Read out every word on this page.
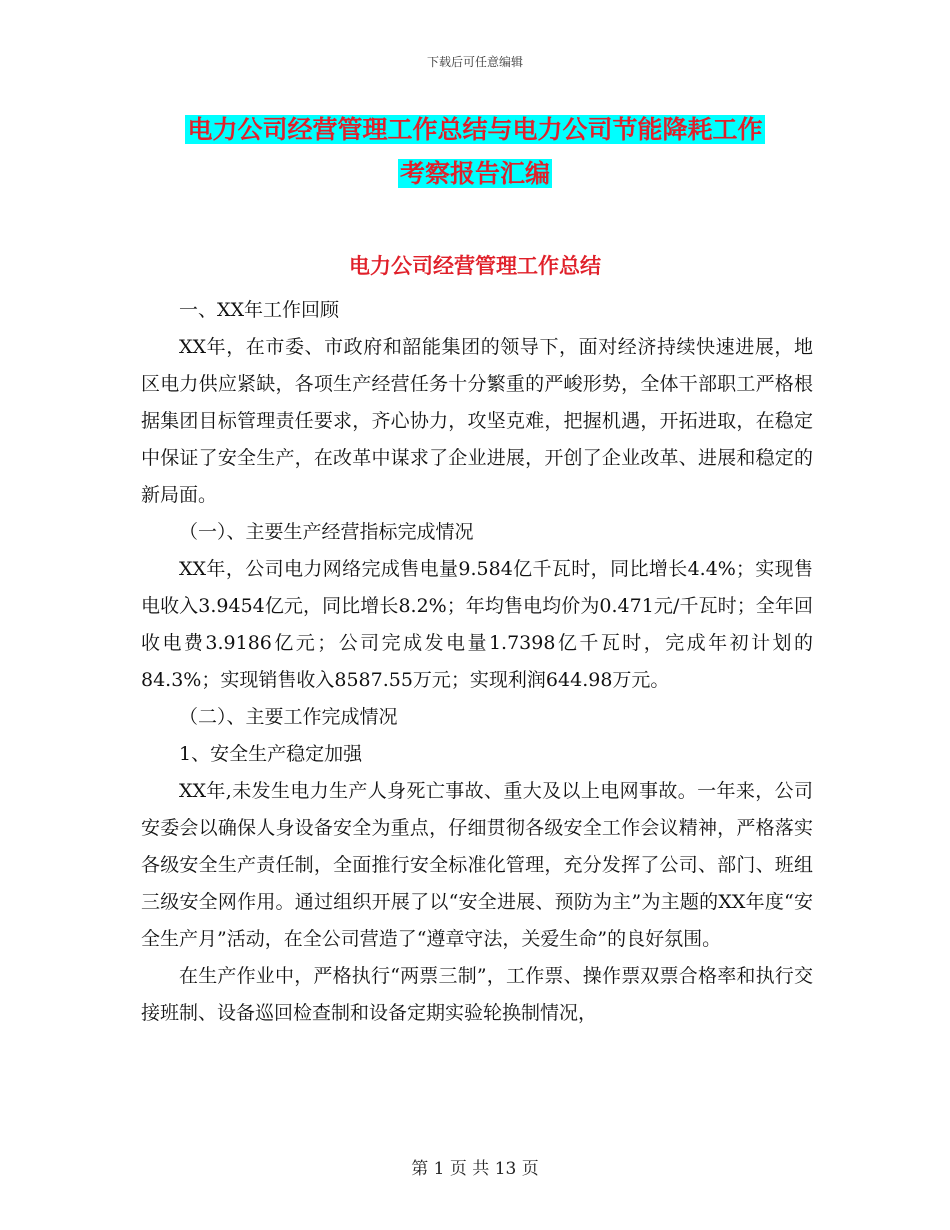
下载后可任意编辑
电力公司经营管理工作总结与电力公司节能降耗工作
考察报告汇编
电力公司经营管理工作总结

一、XX年工作回顾

XX年，在市委、市政府和韶能集团的领导下，面对经济持续快速进展，地区电力供应紧缺，各项生产经营任务十分繁重的严峻形势，全体干部职工严格根据集团目标管理责任要求，齐心协力，攻坚克难，把握机遇，开拓进取，在稳定中保证了安全生产，在改革中谋求了企业进展，开创了企业改革、进展和稳定的新局面。

（一）、主要生产经营指标完成情况

XX年，公司电力网络完成售电量9.584亿千瓦时，同比增长4.4%；实现售电收入3.9454亿元，同比增长8.2%；年均售电均价为0.471元/千瓦时；全年回收电费3.9186亿元；公司完成发电量1.7398亿千瓦时，完成年初计划的84.3%；实现销售收入8587.55万元；实现利润644.98万元。

（二）、主要工作完成情况

1、安全生产稳定加强

XX年,未发生电力生产人身死亡事故、重大及以上电网事故。一年来，公司安委会以确保人身设备安全为重点，仔细贯彻各级安全工作会议精神，严格落实各级安全生产责任制，全面推行安全标准化管理，充分发挥了公司、部门、班组三级安全网作用。通过组织开展了以“安全进展、预防为主”为主题的XX年度“安全生产月”活动，在全公司营造了“遵章守法，关爱生命”的良好氛围。

在生产作业中，严格执行“两票三制”，工作票、操作票双票合格率和执行交接班制、设备巡回检查制和设备定期实验轮换制情况，

第 1 页 共 13 页
